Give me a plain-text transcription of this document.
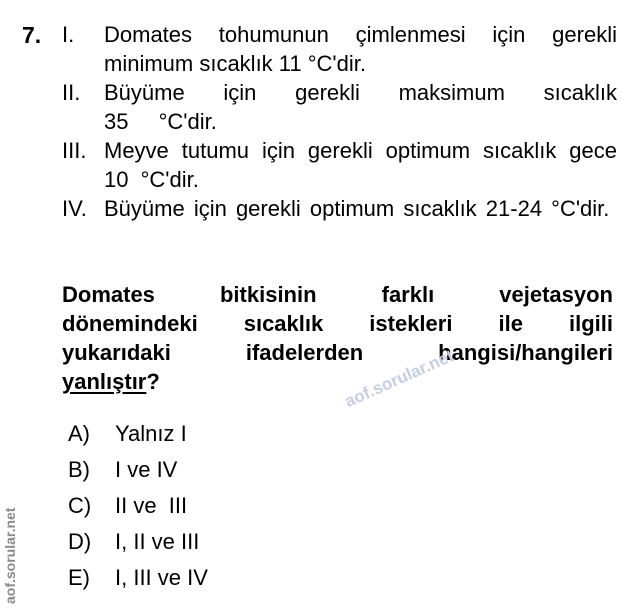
7. I. Domates tohumunun çimlenmesi için gerekli minimum sıcaklık 11 °C'dir.
II. Büyüme için gerekli maksimum sıcaklık 35 °C'dir.
III. Meyve tutumu için gerekli optimum sıcaklık gece 10 °C'dir.
IV. Büyüme için gerekli optimum sıcaklık 21-24 °C'dir.
Domates bitkisinin farklı vejetasyon
dönemindeki sıcaklık istekleri ile ilgili
yukarıdaki ifadelerden hangisi/hangileri
yanlıştır?
A) Yalnız I
B) I ve IV
C) II ve  III
D) I, II ve III
E) I, III ve IV
aof.sorular.net
aof.sorular.net
